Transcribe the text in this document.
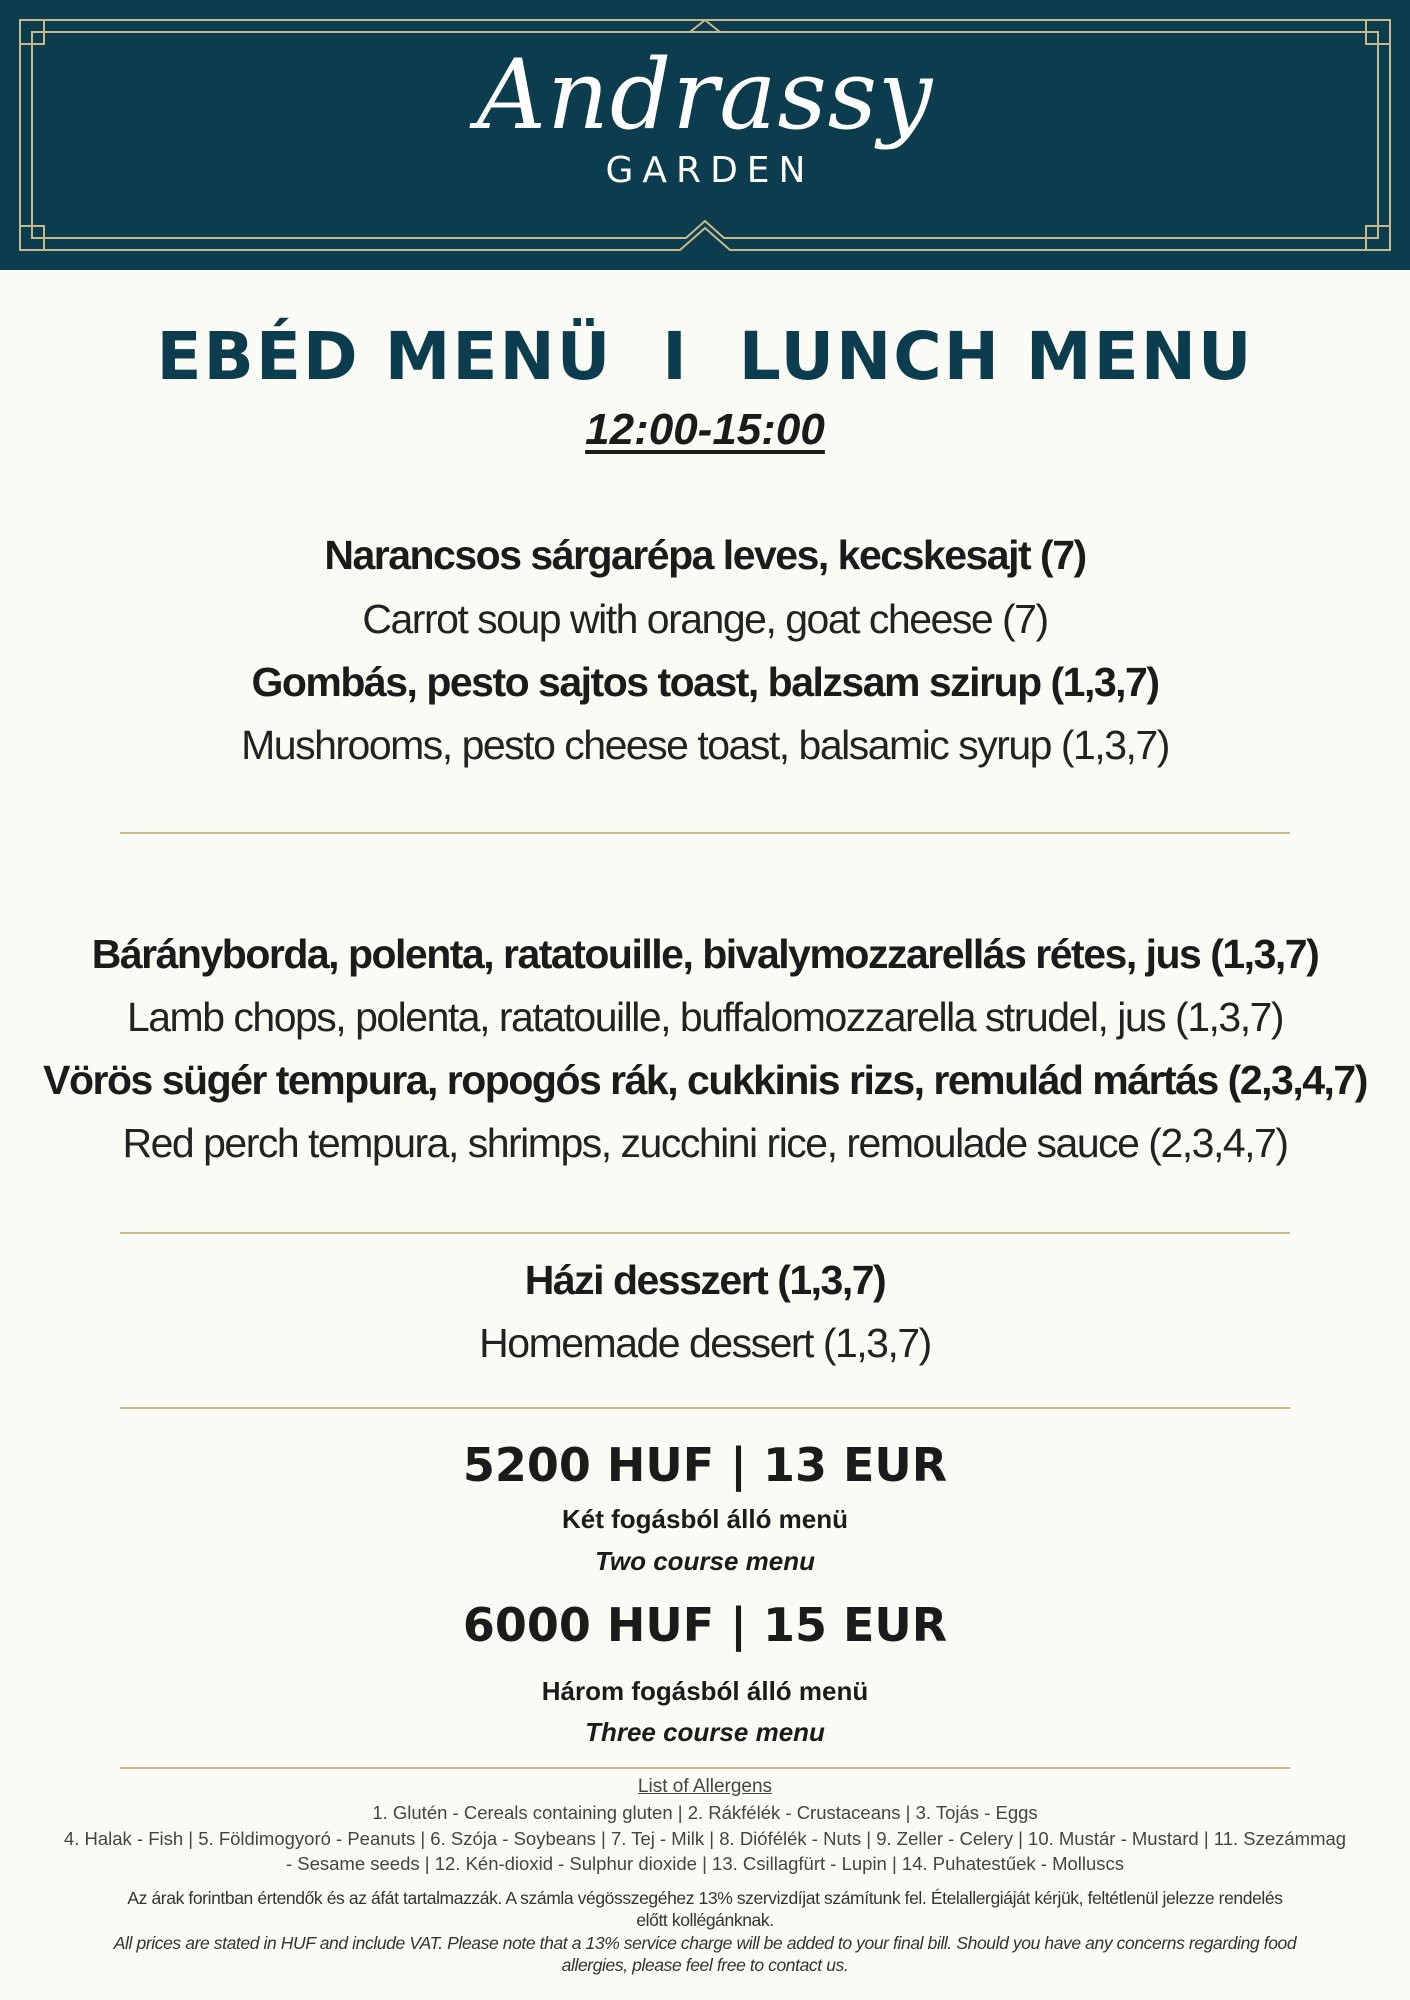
Andrassy
GARDEN
EBÉD MENÜ  I  LUNCH MENU
12:00-15:00
Narancsos sárgarépa leves, kecskesajt (7)
Carrot soup with orange, goat cheese (7)
Gombás, pesto sajtos toast, balzsam szirup (1,3,7)
Mushrooms, pesto cheese toast, balsamic syrup (1,3,7)
Báránybordа, polenta, ratatouille, bivalymozzarellás rétes, jus (1,3,7)
Lamb chops, polenta, ratatouille, buffalomozzarella strudel, jus (1,3,7)
Vörös sügér tempura, ropogós rák, cukkinis rizs, remulád mártás (2,3,4,7)
Red perch tempura, shrimps, zucchini rice, remoulade sauce (2,3,4,7)
Házi desszert (1,3,7)
Homemade dessert (1,3,7)
5200 HUF | 13 EUR
Két fogásból álló menü
Two course menu
6000 HUF | 15 EUR
Három fogásból álló menü
Three course menu
List of Allergens
1. Glutén - Cereals containing gluten | 2. Rákfélék - Crustaceans | 3. Tojás - Eggs
4. Halak - Fish | 5. Földimogyoró - Peanuts | 6. Szója - Soybeans | 7. Tej - Milk | 8. Diófélék - Nuts | 9. Zeller - Celery | 10. Mustár - Mustard | 11. Szezámmag - Sesame seeds | 12. Kén-dioxid - Sulphur dioxide | 13. Csillagfürt - Lupin | 14. Puhatestűek - Molluscs
Az árak forintban értendők és az áfát tartalmazzák. A számla végösszegéhez 13% szervizdíjat számítunk fel. Ételallergiáját kérjük, feltétlenül jelezze rendelés előtt kollégánknak.
All prices are stated in HUF and include VAT. Please note that a 13% service charge will be added to your final bill. Should you have any concerns regarding food allergies, please feel free to contact us.
